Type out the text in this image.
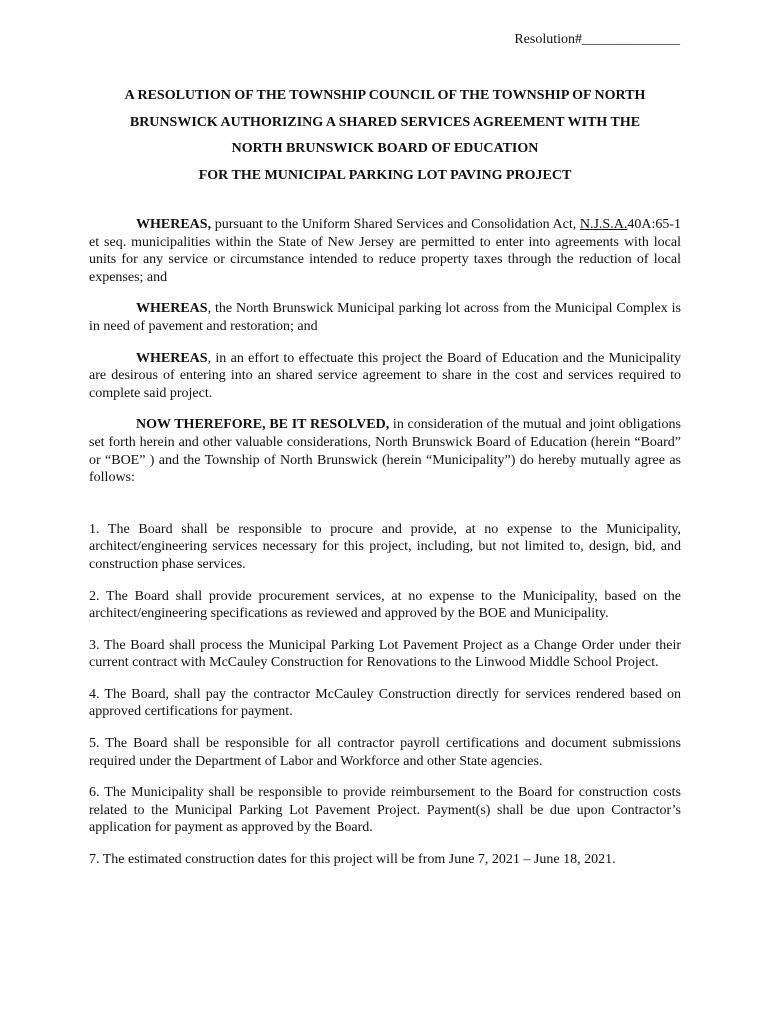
Resolution#______________
A RESOLUTION OF THE TOWNSHIP COUNCIL OF THE TOWNSHIP OF NORTH
BRUNSWICK AUTHORIZING A SHARED SERVICES AGREEMENT WITH THE
NORTH BRUNSWICK BOARD OF EDUCATION
FOR THE MUNICIPAL PARKING LOT PAVING PROJECT

WHEREAS, pursuant to the Uniform Shared Services and Consolidation Act, N.J.S.A.40A:65-1 et seq. municipalities within the State of New Jersey are permitted to enter into agreements with local units for any service or circumstance intended to reduce property taxes through the reduction of local expenses; and

WHEREAS, the North Brunswick Municipal parking lot across from the Municipal Complex is in need of pavement and restoration; and

WHEREAS, in an effort to effectuate this project the Board of Education and the Municipality are desirous of entering into an shared service agreement to share in the cost and services required to complete said project.

NOW THEREFORE, BE IT RESOLVED, in consideration of the mutual and joint obligations set forth herein and other valuable considerations, North Brunswick Board of Education (herein “Board” or “BOE” ) and the Township of North Brunswick (herein “Municipality”) do hereby mutually agree as follows:

1. The Board shall be responsible to procure and provide, at no expense to the Municipality, architect/engineering services necessary for this project, including, but not limited to, design, bid, and construction phase services.

2. The Board shall provide procurement services, at no expense to the Municipality, based on the architect/engineering specifications as reviewed and approved by the BOE and Municipality.

3. The Board shall process the Municipal Parking Lot Pavement Project as a Change Order under their current contract with McCauley Construction for Renovations to the Linwood Middle School Project.

4. The Board, shall pay the contractor McCauley Construction directly for services rendered based on approved certifications for payment.

5. The Board shall be responsible for all contractor payroll certifications and document submissions required under the Department of Labor and Workforce and other State agencies.

6. The Municipality shall be responsible to provide reimbursement to the Board for construction costs related to the Municipal Parking Lot Pavement Project. Payment(s) shall be due upon Contractor’s application for payment as approved by the Board.

7. The estimated construction dates for this project will be from June 7, 2021 – June 18, 2021.
